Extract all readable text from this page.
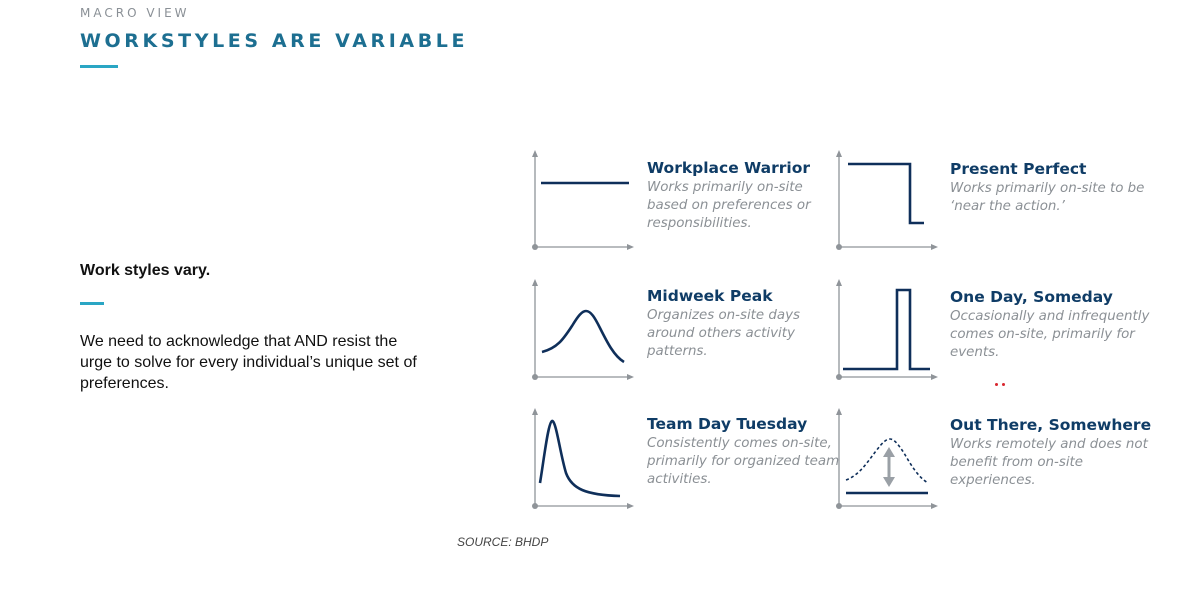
MACRO VIEW
WORKSTYLES ARE VARIABLE
Work styles vary.
We need to acknowledge that AND resist the urge to solve for every individual’s unique set of preferences.
Workplace Warrior
Works primarily on-site based on preferences or responsibilities.
Present Perfect
Works primarily on-site to be ‘near the action.’
Midweek Peak
Organizes on-site days around others activity patterns.
One Day, Someday
Occasionally and infrequently comes on-site, primarily for events.
Team Day Tuesday
Consistently comes on-site, primarily for organized team activities.
Out There, Somewhere
Works remotely and does not benefit from on-site experiences.
SOURCE: BHDP
